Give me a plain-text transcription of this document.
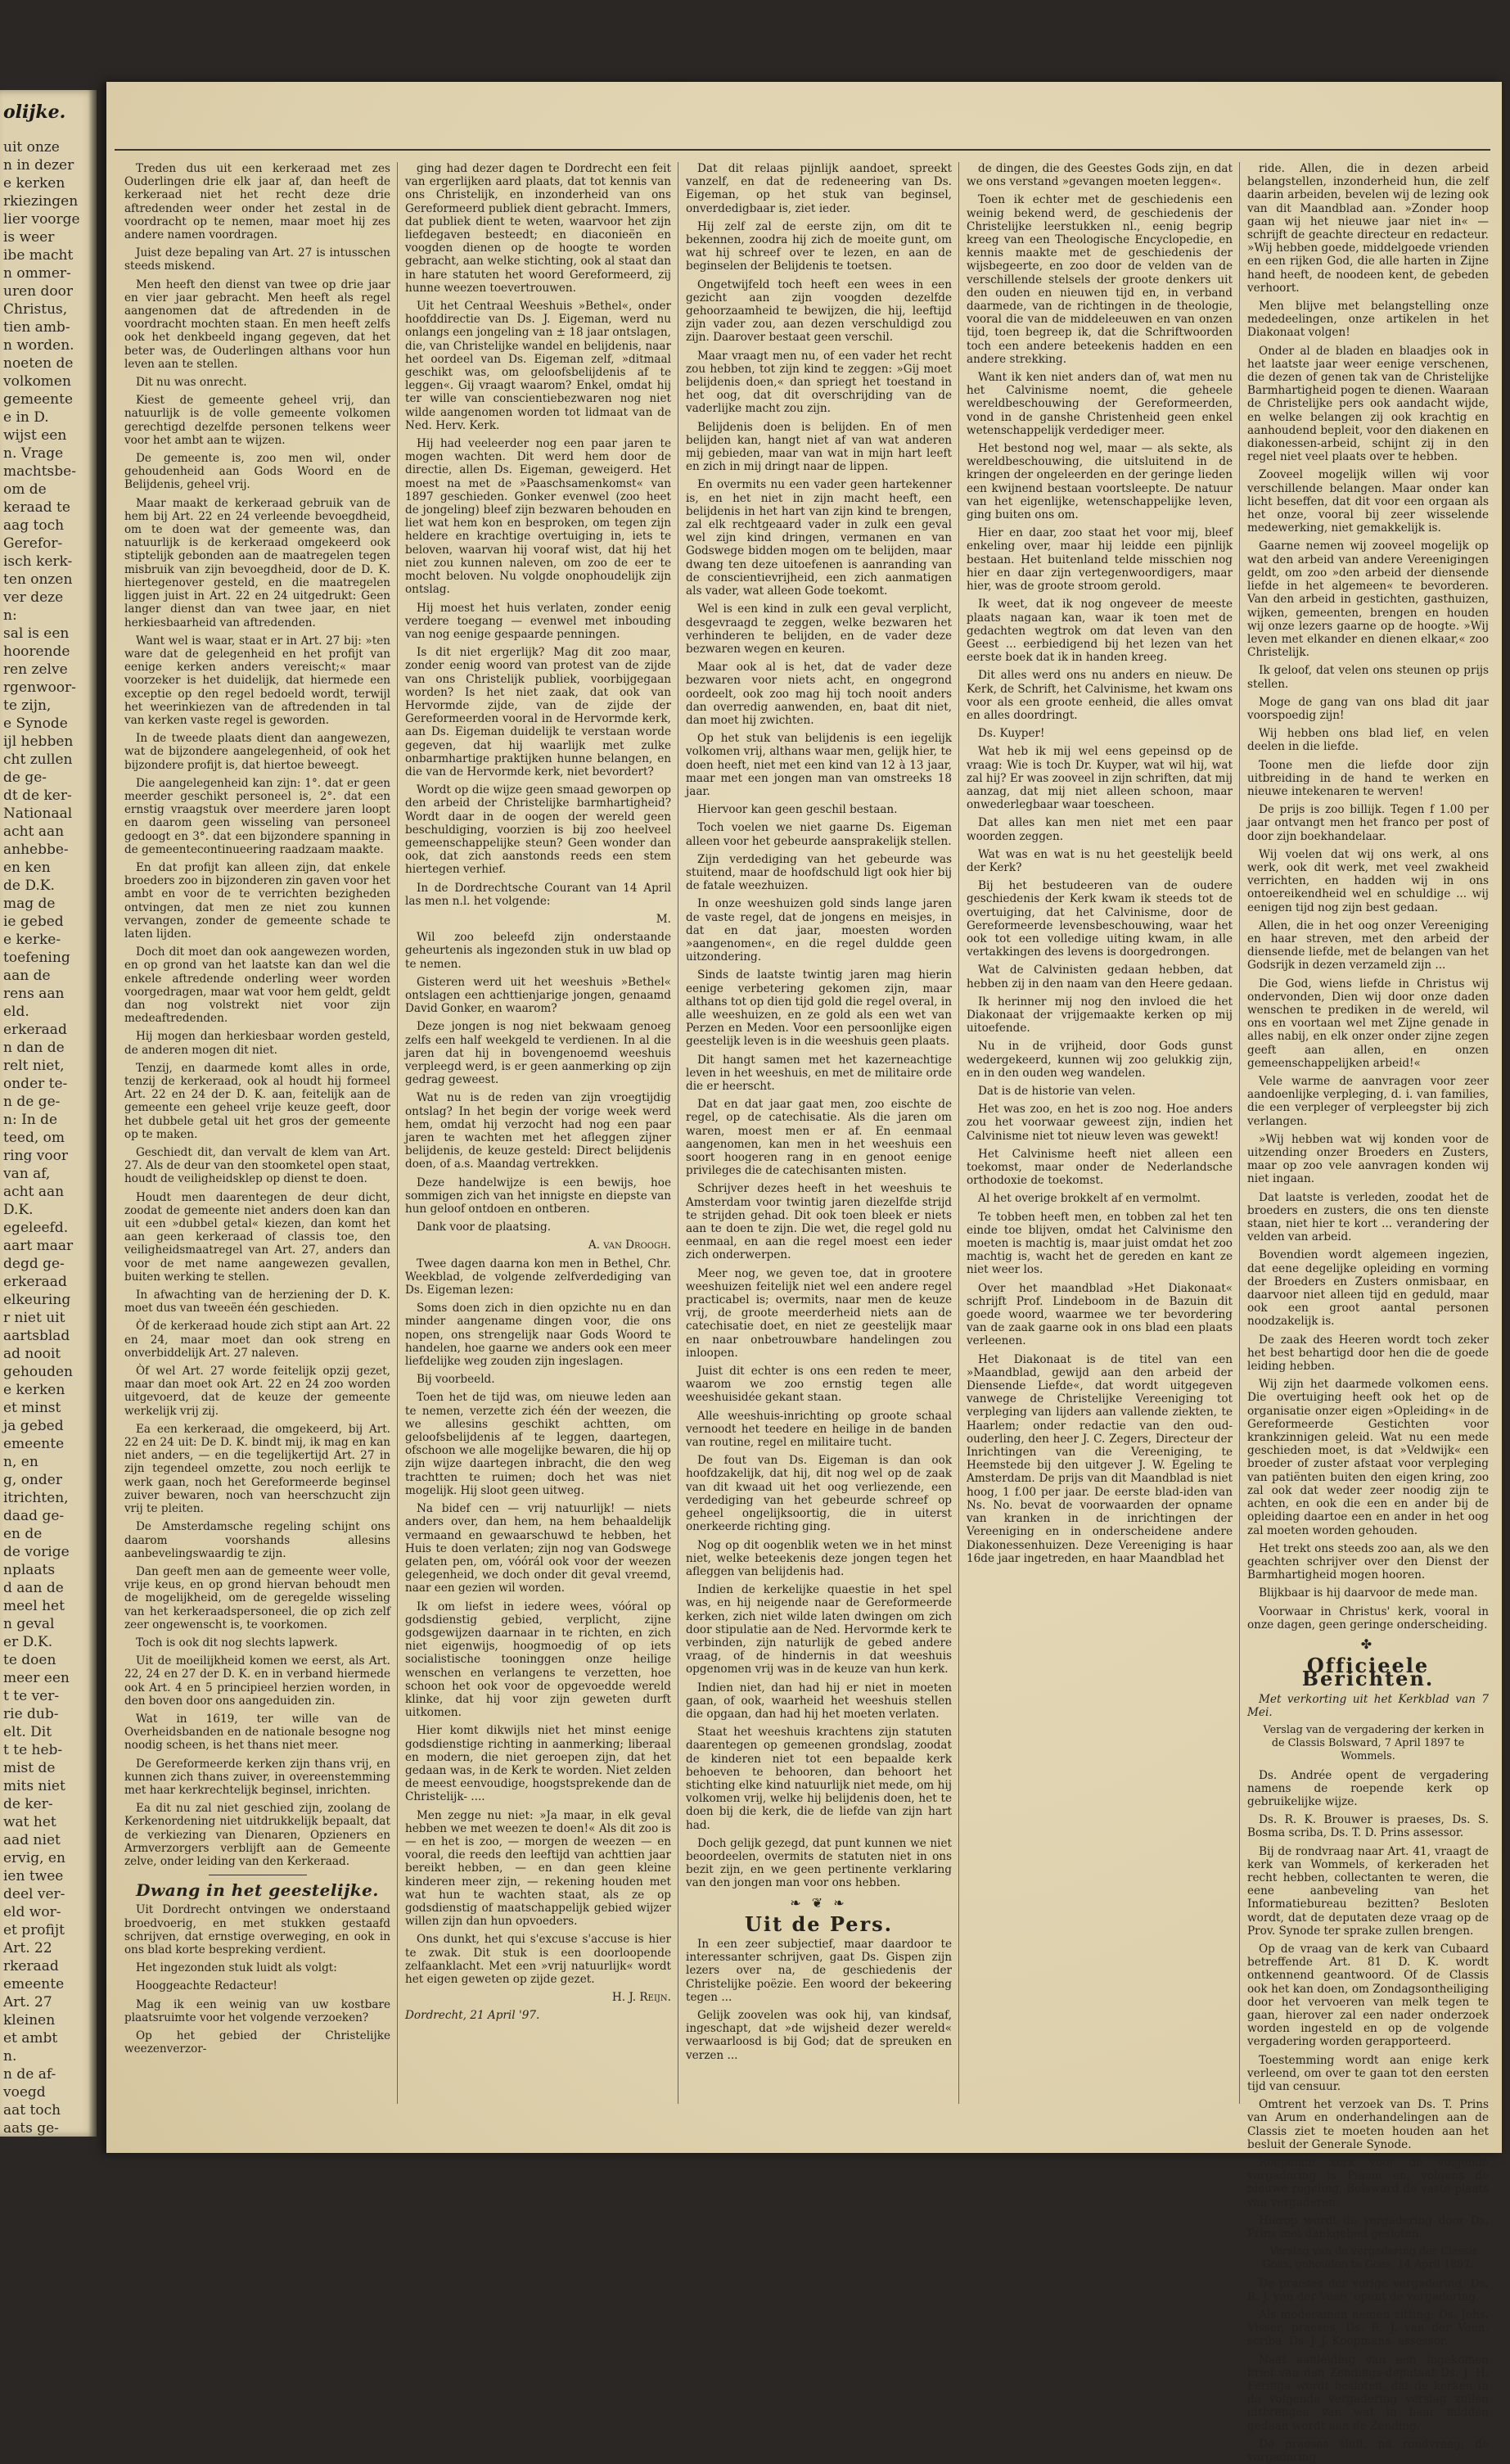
olijke.
uit onze
n in dezer
e kerken
rkiezingen
lier voorge
is weer
ibe macht
n ommer-
uren door
Christus,
tien amb-
n worden.
noeten de
volkomen
gemeente
e in D.
wijst een
n. Vrage
machtsbe-
om de
keraad te
aag toch
Gerefor-
isch kerk-
ten onzen
ver deze
n:
sal is een
hoorende
ren zelve
rgenwoor-
te zijn,
e Synode
ijl hebben
cht zullen
de ge-
dt de ker-
Nationaal
acht aan
anhebbe-
en ken
de D.K.
mag de
ie gebed
e kerke-
toefening
aan de
rens aan
eld.
erkeraad
n dan de
relt niet,
onder te-
n de ge-
n: In de
teed, om
ring voor
van af,
acht aan
D.K.
egeleefd.
aart maar
degd ge-
erkeraad
elkeuring
r niet uit
aartsblad
ad nooit
gehouden
e kerken
et minst
ja gebed
emeente
n, en
g, onder
itrichten,
daad ge-
en de
de vorige
nplaats
d aan de
meel het
n geval
er D.K.
te doen
meer een
t te ver-
rie dub-
elt. Dit
t te heb-
mist de
mits niet
de ker-
wat het
aad niet
ervig, en
ien twee
deel ver-
eld wor-
et profijt
Art. 22
rkeraad
emeente
Art. 27
kleinen
et ambt
n.
n de af-
voegd
aat toch
aats ge-

Treden dus uit een kerkeraad met zes Ouderlingen drie elk jaar af, dan heeft de kerkeraad niet het recht deze drie aftredenden weer onder het zestal in de voordracht op te nemen, maar moet hij zes andere namen voordragen.

Juist deze bepaling van Art. 27 is intusschen steeds miskend.

Men heeft den dienst van twee op drie jaar en vier jaar gebracht. Men heeft als regel aangenomen dat de aftredenden in de voordracht mochten staan. En men heeft zelfs ook het denkbeeld ingang gegeven, dat het beter was, de Ouderlingen althans voor hun leven aan te stellen.

Dit nu was onrecht.

Kiest de gemeente geheel vrij, dan natuurlijk is de volle gemeente volkomen gerechtigd dezelfde personen telkens weer voor het ambt aan te wijzen.

De gemeente is, zoo men wil, onder gehoudenheid aan Gods Woord en de Belijdenis, geheel vrij.

Maar maakt de kerkeraad gebruik van de hem bij Art. 22 en 24 verleende bevoegdheid, om te doen wat der gemeente was, dan natuurlijk is de kerkeraad omgekeerd ook stiptelijk gebonden aan de maatregelen tegen misbruik van zijn bevoegdheid, door de D. K. hiertegenover gesteld, en die maatregelen liggen juist in Art. 22 en 24 uitgedrukt: Geen langer dienst dan van twee jaar, en niet herkiesbaarheid van aftredenden.

Want wel is waar, staat er in Art. 27 bij: »ten ware dat de gelegenheid en het profijt van eenige kerken anders vereischt;« maar voorzeker is het duidelijk, dat hiermede een exceptie op den regel bedoeld wordt, terwijl het weerinkiezen van de aftredenden in tal van kerken vaste regel is geworden.

In de tweede plaats dient dan aangewezen, wat de bijzondere aangelegenheid, of ook het bijzondere profijt is, dat hiertoe beweegt.

Die aangelegenheid kan zijn: 1°. dat er geen meerder geschikt personeel is, 2°. dat een ernstig vraagstuk over meerdere jaren loopt en daarom geen wisseling van personeel gedoogt en 3°. dat een bijzondere spanning in de gemeentecontinueering raadzaam maakte.

En dat profijt kan alleen zijn, dat enkele broeders zoo in bijzonderen zin gaven voor het ambt en voor de te verrichten bezigheden ontvingen, dat men ze niet zou kunnen vervangen, zonder de gemeente schade te laten lijden.

Doch dit moet dan ook aangewezen worden, en op grond van het laatste kan dan wel die enkele aftredende onderling weer worden voorgedragen, maar wat voor hem geldt, geldt dan nog volstrekt niet voor zijn medeaftredenden.

Hij mogen dan herkiesbaar worden gesteld, de anderen mogen dit niet.

Tenzij, en daarmede komt alles in orde, tenzij de kerkeraad, ook al houdt hij formeel Art. 22 en 24 der D. K. aan, feitelijk aan de gemeente een geheel vrije keuze geeft, door het dubbele getal uit het gros der gemeente op te maken.

Geschiedt dit, dan vervalt de klem van Art. 27. Als de deur van den stoomketel open staat, houdt de veiligheidsklep op dienst te doen.

Houdt men daarentegen de deur dicht, zoodat de gemeente niet anders doen kan dan uit een »dubbel getal« kiezen, dan komt het aan geen kerkeraad of classis toe, den veiligheidsmaatregel van Art. 27, anders dan voor de met name aangewezen gevallen, buiten werking te stellen.

In afwachting van de herziening der D. K. moet dus van tweeën één geschieden.

Òf de kerkeraad houde zich stipt aan Art. 22 en 24, maar moet dan ook streng en onverbiddelijk Art. 27 naleven.

Òf wel Art. 27 worde feitelijk opzij gezet, maar dan moet ook Art. 22 en 24 zoo worden uitgevoerd, dat de keuze der gemeente werkelijk vrij zij.

Ea een kerkeraad, die omgekeerd, bij Art. 22 en 24 uit: De D. K. bindt mij, ik mag en kan niet anders, — en die tegelijkertijd Art. 27 in zijn tegendeel omzette, zou noch eerlijk te werk gaan, noch het Gereformeerde beginsel zuiver bewaren, noch van heerschzucht zijn vrij te pleiten.

De Amsterdamsche regeling schijnt ons daarom voorshands allesins aanbevelingswaardig te zijn.

Dan geeft men aan de gemeente weer volle, vrije keus, en op grond hiervan behoudt men de mogelijkheid, om de geregelde wisseling van het kerkeraadspersoneel, die op zich zelf zeer ongewenscht is, te voorkomen.

Toch is ook dit nog slechts lapwerk.

Uit de moeilijkheid komen we eerst, als Art. 22, 24 en 27 der D. K. en in verband hiermede ook Art. 4 en 5 principieel herzien worden, in den boven door ons aangeduiden zin.

Wat in 1619, ter wille van de Overheidsbanden en de nationale besogne nog noodig scheen, is het thans niet meer.

De Gereformeerde kerken zijn thans vrij, en kunnen zich thans zuiver, in overeenstemming met haar kerkrechtelijk beginsel, inrichten.

Ea dit nu zal niet geschied zijn, zoolang de Kerkenordening niet uitdrukkelijk bepaalt, dat de verkiezing van Dienaren, Opzieners en Armverzorgers verblijft aan de Gemeente zelve, onder leiding van den Kerkeraad.

Dwang in het geestelijke.

Uit Dordrecht ontvingen we onderstaand broedvoerig, en met stukken gestaafd schrijven, dat ernstige overweging, en ook in ons blad korte bespreking verdient.

Het ingezonden stuk luidt als volgt:

Hooggeachte Redacteur!

Mag ik een weinig van uw kostbare plaatsruimte voor het volgende verzoeken?

Op het gebied der Christelijke weezenverzor-

ging had dezer dagen te Dordrecht een feit van ergerlijken aard plaats, dat tot kennis van ons Christelijk, en inzonderheid van ons Gereformeerd publiek dient gebracht. Immers, dat publiek dient te weten, waarvoor het zijn liefdegaven besteedt; en diaconieën en voogden dienen op de hoogte te worden gebracht, aan welke stichting, ook al staat dan in hare statuten het woord Gereformeerd, zij hunne weezen toevertrouwen.

Uit het Centraal Weeshuis »Bethel«, onder hoofddirectie van Ds. J. Eigeman, werd nu onlangs een jongeling van ± 18 jaar ontslagen, die, van Christelijke wandel en belijdenis, naar het oordeel van Ds. Eigeman zelf, »ditmaal geschikt was, om geloofsbelijdenis af te leggen«. Gij vraagt waarom? Enkel, omdat hij ter wille van conscientiebezwaren nog niet wilde aangenomen worden tot lidmaat van de Ned. Herv. Kerk.

Hij had veeleerder nog een paar jaren te mogen wachten. Dit werd hem door de directie, allen Ds. Eigeman, geweigerd. Het moest na met de »Paaschsamenkomst« van 1897 geschieden. Gonker evenwel (zoo heet de jongeling) bleef zijn bezwaren behouden en liet wat hem kon en besproken, om tegen zijn heldere en krachtige overtuiging in, iets te beloven, waarvan hij vooraf wist, dat hij het niet zou kunnen naleven, om zoo de eer te mocht beloven. Nu volgde onophoudelijk zijn ontslag.

Hij moest het huis verlaten, zonder eenig verdere toegang — evenwel met inbouding van nog eenige gespaarde penningen.

Is dit niet ergerlijk? Mag dit zoo maar, zonder eenig woord van protest van de zijde van ons Christelijk publiek, voorbijgegaan worden? Is het niet zaak, dat ook van Hervormde zijde, van de zijde der Gereformeerden vooral in de Hervormde kerk, aan Ds. Eigeman duidelijk te verstaan worde gegeven, dat hij waarlijk met zulke onbarmhartige praktijken hunne belangen, en die van de Hervormde kerk, niet bevordert?

Wordt op die wijze geen smaad geworpen op den arbeid der Christelijke barmhartigheid? Wordt daar in de oogen der wereld geen beschuldiging, voorzien is bij zoo heelveel gemeenschappelijke steun? Geen wonder dan ook, dat zich aanstonds reeds een stem hiertegen verhief.

In de Dordrechtsche Courant van 14 April las men n.l. het volgende:

M.

Wil zoo beleefd zijn onderstaande geheurtenis als ingezonden stuk in uw blad op te nemen.

Gisteren werd uit het weeshuis »Bethel« ontslagen een achttienjarige jongen, genaamd David Gonker, en waarom?

Deze jongen is nog niet bekwaam genoeg zelfs een half weekgeld te verdienen. In al die jaren dat hij in bovengenoemd weeshuis verpleegd werd, is er geen aanmerking op zijn gedrag geweest.

Wat nu is de reden van zijn vroegtijdig ontslag? In het begin der vorige week werd hem, omdat hij verzocht had nog een paar jaren te wachten met het afleggen zijner belijdenis, de keuze gesteld: Direct belijdenis doen, of a.s. Maandag vertrekken.

Deze handelwijze is een bewijs, hoe sommigen zich van het innigste en diepste van hun geloof ontdoen en ontberen.

Dank voor de plaatsing.

A. van Droogh.

Twee dagen daarna kon men in Bethel, Chr. Weekblad, de volgende zelfverdediging van Ds. Eigeman lezen:

Soms doen zich in dien opzichte nu en dan minder aangename dingen voor, die ons nopen, ons strengelijk naar Gods Woord te handelen, hoe gaarne we anders ook een meer liefdelijke weg zouden zijn ingeslagen.

Bij voorbeeld.

Toen het de tijd was, om nieuwe leden aan te nemen, verzette zich één der weezen, die we allesins geschikt achtten, om geloofsbelijdenis af te leggen, daartegen, ofschoon we alle mogelijke bewaren, die hij op zijn wijze daartegen inbracht, die den weg trachtten te ruimen; doch het was niet mogelijk. Hij sloot geen uitweg.

Na bidef cen — vrij natuurlijk! — niets anders over, dan hem, na hem behaaldelijk vermaand en gewaarschuwd te hebben, het Huis te doen verlaten; zijn nog van Godswege gelaten pen, om, vóórál ook voor der weezen gelegenheid, we doch onder dit geval vreemd, naar een gezien wil worden.

Ik om liefst in iedere wees, vóóral op godsdienstig gebied, verplicht, zijne godsgewijzen daarnaar in te richten, en zich niet eigenwijs, hoogmoedig of op iets socialistische tooninggen onze heilige wenschen en verlangens te verzetten, hoe schoon het ook voor de opgevoedde wereld klinke, dat hij voor zijn geweten durft uitkomen.

Hier komt dikwijls niet het minst eenige godsdienstige richting in aanmerking; liberaal en modern, die niet geroepen zijn, dat het gedaan was, in de Kerk te worden. Niet zelden de meest eenvoudige, hoogstsprekende dan de Christelijk- ....

Men zegge nu niet: »Ja maar, in elk geval hebben we met weezen te doen!« Als dit zoo is — en het is zoo, — morgen de weezen — en vooral, die reeds den leeftijd van achttien jaar bereikt hebben, — en dan geen kleine kinderen meer zijn, — rekening houden met wat hun te wachten staat, als ze op godsdienstig of maatschappelijk gebied wijzer willen zijn dan hun opvoeders.

Ons dunkt, het qui s'excuse s'accuse is hier te zwak. Dit stuk is een doorloopende zelfaanklacht. Met een »vrij natuurlijk« wordt het eigen geweten op zijde gezet.

H. J. Reijn.
Dordrecht, 21 April '97.

Dat dit relaas pijnlijk aandoet, spreekt vanzelf, en dat de redeneering van Ds. Eigeman, op het stuk van beginsel, onverdedigbaar is, ziet ieder.

Hij zelf zal de eerste zijn, om dit te bekennen, zoodra hij zich de moeite gunt, om wat hij schreef over te lezen, en aan de beginselen der Belijdenis te toetsen.

Ongetwijfeld toch heeft een wees in een gezicht aan zijn voogden dezelfde gehoorzaamheid te bewijzen, die hij, leeftijd zijn vader zou, aan dezen verschuldigd zou zijn. Daarover bestaat geen verschil.

Maar vraagt men nu, of een vader het recht zou hebben, tot zijn kind te zeggen: »Gij moet belijdenis doen,« dan spriegt het toestand in het oog, dat dit overschrijding van de vaderlijke macht zou zijn.

Belijdenis doen is belijden. En of men belijden kan, hangt niet af van wat anderen mij gebieden, maar van wat in mijn hart leeft en zich in mij dringt naar de lippen.

En overmits nu een vader geen hartekenner is, en het niet in zijn macht heeft, een belijdenis in het hart van zijn kind te brengen, zal elk rechtgeaard vader in zulk een geval wel zijn kind dringen, vermanen en van Godswege bidden mogen om te belijden, maar dwang ten deze uitoefenen is aanranding van de conscientievrijheid, een zich aanmatigen als vader, wat alleen Gode toekomt.

Wel is een kind in zulk een geval verplicht, desgevraagd te zeggen, welke bezwaren het verhinderen te belijden, en de vader deze bezwaren wegen en keuren.

Maar ook al is het, dat de vader deze bezwaren voor niets acht, en ongegrond oordeelt, ook zoo mag hij toch nooit anders dan overredig aanwenden, en, baat dit niet, dan moet hij zwichten.

Op het stuk van belijdenis is een iegelijk volkomen vrij, althans waar men, gelijk hier, te doen heeft, niet met een kind van 12 à 13 jaar, maar met een jongen man van omstreeks 18 jaar.

Hiervoor kan geen geschil bestaan.

Toch voelen we niet gaarne Ds. Eigeman alleen voor het gebeurde aansprakelijk stellen.

Zijn verdediging van het gebeurde was stuitend, maar de hoofdschuld ligt ook hier bij de fatale weezhuizen.

In onze weeshuizen gold sinds lange jaren de vaste regel, dat de jongens en meisjes, in dat en dat jaar, moesten worden »aangenomen«, en die regel duldde geen uitzondering.

Sinds de laatste twintig jaren mag hierin eenige verbetering gekomen zijn, maar althans tot op dien tijd gold die regel overal, in alle weeshuizen, en ze gold als een wet van Perzen en Meden. Voor een persoonlijke eigen geestelijk leven is in die weeshuis geen plaats.

Dit hangt samen met het kazerneachtige leven in het weeshuis, en met de militaire orde die er heerscht.

Dat en dat jaar gaat men, zoo eischte de regel, op de catechisatie. Als die jaren om waren, moest men er af. En eenmaal aangenomen, kan men in het weeshuis een soort hoogeren rang in en genoot eenige privileges die de catechisanten misten.

Schrijver dezes heeft in het weeshuis te Amsterdam voor twintig jaren diezelfde strijd te strijden gehad. Dit ook toen bleek er niets aan te doen te zijn. Die wet, die regel gold nu eenmaal, en aan die regel moest een ieder zich onderwerpen.

Meer nog, we geven toe, dat in grootere weeshuizen feitelijk niet wel een andere regel practicabel is; overmits, naar men de keuze vrij, de groote meerderheid niets aan de catechisatie doet, en niet ze geestelijk maar en naar onbetrouwbare handelingen zou inloopen.

Juist dit echter is ons een reden te meer, waarom we zoo ernstig tegen alle weeshuisidée gekant staan.

Alle weeshuis-inrichting op groote schaal vernoodt het teedere en heilige in de banden van routine, regel en militaire tucht.

De fout van Ds. Eigeman is dan ook hoofdzakelijk, dat hij, dit nog wel op de zaak van dit kwaad uit het oog verliezende, een verdediging van het gebeurde schreef op geheel ongelijksoortig, die in uiterst onerkeerde richting ging.

Nog op dit oogenblik weten we in het minst niet, welke beteekenis deze jongen tegen het afleggen van belijdenis had.

Indien de kerkelijke quaestie in het spel was, en hij neigende naar de Gereformeerde kerken, zich niet wilde laten dwingen om zich door stipulatie aan de Ned. Hervormde kerk te verbinden, zijn naturlijk de gebed andere vraag, of de hindernis in dat weeshuis opgenomen vrij was in de keuze van hun kerk.

Indien niet, dan had hij er niet in moeten gaan, of ook, waarheid het weeshuis stellen die opgaan, dan had hij het moeten verlaten.

Staat het weeshuis krachtens zijn statuten daarentegen op gemeenen grondslag, zoodat de kinderen niet tot een bepaalde kerk behoeven te behooren, dan behoort het stichting elke kind natuurlijk niet mede, om hij volkomen vrij, welke hij belijdenis doen, het te doen bij die kerk, die de liefde van zijn hart had.

Doch gelijk gezegd, dat punt kunnen we niet beoordeelen, overmits de statuten niet in ons bezit zijn, en we geen pertinente verklaring van den jongen man voor ons hebben.

❧ ❦ ❧
Uit de Pers.

In een zeer subjectief, maar daardoor te interessanter schrijven, gaat Ds. Gispen zijn lezers over na, de geschiedenis der Christelijke poëzie. Een woord der bekeering tegen ...

Gelijk zoovelen was ook hij, van kindsaf, ingeschapt, dat »de wijsheid dezer wereld« verwaarloosd is bij God; dat de spreuken en verzen ...

de dingen, die des Geestes Gods zijn, en dat we ons verstand »gevangen moeten leggen«.

Toen ik echter met de geschiedenis een weinig bekend werd, de geschiedenis der Christelijke leerstukken nl., eenig begrip kreeg van een Theologische Encyclopedie, en kennis maakte met de geschiedenis der wijsbegeerte, en zoo door de velden van de verschillende stelsels der groote denkers uit den ouden en nieuwen tijd en, in verband daarmede, van de richtingen in de theologie, vooral die van de middeleeuwen en van onzen tijd, toen begreep ik, dat die Schriftwoorden toch een andere beteekenis hadden en een andere strekking.

Want ik ken niet anders dan of, wat men nu het Calvinisme noemt, die geheele wereldbeschouwing der Gereformeerden, vond in de ganshe Christenheid geen enkel wetenschappelijk verdediger meer.

Het bestond nog wel, maar — als sekte, als wereldbeschouwing, die uitsluitend in de kringen der ongeleerden en der geringe lieden een kwijnend bestaan voortsleepte. De natuur van het eigenlijke, wetenschappelijke leven, ging buiten ons om.

Hier en daar, zoo staat het voor mij, bleef enkeling over, maar hij leidde een pijnlijk bestaan. Het buitenland telde misschien nog hier en daar zijn vertegenwoordigers, maar hier, was de groote stroom gerold.

Ik weet, dat ik nog ongeveer de meeste plaats nagaan kan, waar ik toen met de gedachten wegtrok om dat leven van den Geest ... eerbiedigend bij het lezen van het eerste boek dat ik in handen kreeg.

Dit alles werd ons nu anders en nieuw. De Kerk, de Schrift, het Calvinisme, het kwam ons voor als een groote eenheid, die alles omvat en alles doordringt.

Ds. Kuyper!

Wat heb ik mij wel eens gepeinsd op de vraag: Wie is toch Dr. Kuyper, wat wil hij, wat zal hij? Er was zooveel in zijn schriften, dat mij aanzag, dat mij niet alleen schoon, maar onwederlegbaar waar toescheen.

Dat alles kan men niet met een paar woorden zeggen.

Wat was en wat is nu het geestelijk beeld der Kerk?

Bij het bestudeeren van de oudere geschiedenis der Kerk kwam ik steeds tot de overtuiging, dat het Calvinisme, door de Gereformeerde levensbeschouwing, waar het ook tot een volledige uiting kwam, in alle vertakkingen des levens is doorgedrongen.

Wat de Calvinisten gedaan hebben, dat hebben zij in den naam van den Heere gedaan.

Ik herinner mij nog den invloed die het Diakonaat der vrijgemaakte kerken op mij uitoefende.

Nu in de vrijheid, door Gods gunst wedergekeerd, kunnen wij zoo gelukkig zijn, en in den ouden weg wandelen.

Dat is de historie van velen.

Het was zoo, en het is zoo nog. Hoe anders zou het voorwaar geweest zijn, indien het Calvinisme niet tot nieuw leven was gewekt!

Het Calvinisme heeft niet alleen een toekomst, maar onder de Nederlandsche orthodoxie de toekomst.

Al het overige brokkelt af en vermolmt.

Te tobben heeft men, en tobben zal het ten einde toe blijven, omdat het Calvinisme den moeten is machtig is, maar juist omdat het zoo machtig is, wacht het de gereden en kant ze niet weer los.

Over het maandblad »Het Diakonaat« schrijft Prof. Lindeboom in de Bazuin dit goede woord, waarmee we ter bevordering van de zaak gaarne ook in ons blad een plaats verleenen.

Het Diakonaat is de titel van een »Maandblad, gewijd aan den arbeid der Diensende Liefde«, dat wordt uitgegeven vanwege de Christelijke Vereeniging tot verpleging van lijders aan vallende ziekten, te Haarlem; onder redactie van den oud-ouderling, den heer J. C. Zegers, Directeur der Inrichtingen van die Vereeniging, te Heemstede bij den uitgever J. W. Egeling te Amsterdam. De prijs van dit Maandblad is niet hoog, 1 f.00 per jaar. De eerste blad-iden van Ns. No. bevat de voorwaarden der opname van kranken in de inrichtingen der Vereeniging en in onderscheidene andere Diakonessenhuizen. Deze Vereeniging is haar 16de jaar ingetreden, en haar Maandblad het

ride. Allen, die in dezen arbeid belangstellen, inzonderheid hun, die zelf daarin arbeiden, bevelen wij de lezing ook van dit Maandblad aan. »Zonder hoop gaan wij het nieuwe jaar niet in« — schrijft de geachte directeur en redacteur. »Wij hebben goede, middelgoede vrienden en een rijken God, die alle harten in Zijne hand heeft, de noodeen kent, de gebeden verhoort.

Men blijve met belangstelling onze mededeelingen, onze artikelen in het Diakonaat volgen!

Onder al de bladen en blaadjes ook in het laatste jaar weer eenige verschenen, die dezen of genen tak van de Christelijke Barmhartigheid pogen te dienen. Waaraan de Christelijke pers ook aandacht wijde, en welke belangen zij ook krachtig en aanhoudend bepleit, voor den diakenen en diakonessen-arbeid, schijnt zij in den regel niet veel plaats over te hebben.

Zooveel mogelijk willen wij voor verschillende belangen. Maar onder kan licht beseffen, dat dit voor een orgaan als het onze, vooral bij zeer wisselende medewerking, niet gemakkelijk is.

Gaarne nemen wij zooveel mogelijk op wat den arbeid van andere Vereenigingen geldt, om zoo »den arbeid der diensende liefde in het algemeen« te bevorderen. Van den arbeid in gestichten, gasthuizen, wijken, gemeenten, brengen en houden wij onze lezers gaarne op de hoogte. »Wij leven met elkander en dienen elkaar,« zoo Christelijk.

Ik geloof, dat velen ons steunen op prijs stellen.

Moge de gang van ons blad dit jaar voorspoedig zijn!

Wij hebben ons blad lief, en velen deelen in die liefde.

Toone men die liefde door zijn uitbreiding in de hand te werken en nieuwe intekenaren te werven!

De prijs is zoo billijk. Tegen f 1.00 per jaar ontvangt men het franco per post of door zijn boekhandelaar.

Wij voelen dat wij ons werk, al ons werk, ook dit werk, met veel zwakheid verrichten, en hadden wij in ons ontoereikendheid wel en schuldige ... wij eenigen tijd nog zijn best gedaan.

Allen, die in het oog onzer Vereeniging en haar streven, met den arbeid der diensende liefde, met de belangen van het Godsrijk in dezen verzameld zijn ...

Die God, wiens liefde in Christus wij ondervonden, Dien wij door onze daden wenschen te prediken in de wereld, wil ons en voortaan wel met Zijne genade in alles nabij, en elk onzer onder zijne zegen geeft aan allen, en onzen gemeenschappelijken arbeid!«

Vele warme de aanvragen voor zeer aandoenlijke verpleging, d. i. van families, die een verpleger of verpleegster bij zich verlangen.

»Wij hebben wat wij konden voor de uitzending onzer Broeders en Zusters, maar op zoo vele aanvragen konden wij niet ingaan.

Dat laatste is verleden, zoodat het de broeders en zusters, die ons ten dienste staan, niet hier te kort ... verandering der velden van arbeid.

Bovendien wordt algemeen ingezien, dat eene degelijke opleiding en vorming der Broeders en Zusters onmisbaar, en daarvoor niet alleen tijd en geduld, maar ook een groot aantal personen noodzakelijk is.

De zaak des Heeren wordt toch zeker het best behartigd door hen die de goede leiding hebben.

Wij zijn het daarmede volkomen eens. Die overtuiging heeft ook het op de organisatie onzer eigen »Opleiding« in de Gereformeerde Gestichten voor krankzinnigen geleid. Wat nu een mede geschieden moet, is dat »Veldwijk« een broeder of zuster afstaat voor verpleging van patiënten buiten den eigen kring, zoo zal ook dat weder zeer noodig zijn te achten, en ook die een en ander bij de opleiding daartoe een en ander in het oog zal moeten worden gehouden.

Het trekt ons steeds zoo aan, als we den geachten schrijver over den Dienst der Barmhartigheid mogen hooren.

Blijkbaar is hij daarvoor de mede man.

Voorwaar in Christus' kerk, vooral in onze dagen, geen geringe onderscheiding.

✤
Officieele Berichten.

Met verkorting uit het Kerkblad van 7 Mei.

Verslag van de vergadering der kerken in de Classis Bolsward, 7 April 1897 te Wommels.

Ds. Andrée opent de vergadering namens de roepende kerk op gebruikelijke wijze.

Ds. R. K. Brouwer is praeses, Ds. S. Bosma scriba, Ds. T. D. Prins assessor.

Bij de rondvraag naar Art. 41, vraagt de kerk van Wommels, of kerkeraden het recht hebben, collectanten te weren, die eene aanbeveling van het Informatiebureau bezitten? Besloten wordt, dat de deputaten deze vraag op de Prov. Synode ter sprake zullen brengen.

Op de vraag van de kerk van Cubaard betreffende Art. 81 D. K. wordt ontkennend geantwoord. Of de Classis ook het kan doen, om Zondagsontheiliging door het vervoeren van melk tegen te gaan, hierover zal een nader onderzoek worden ingesteld en op de volgende vergadering worden gerapporteerd.

Toestemming wordt aan enige kerk verleend, om over te gaan tot den eersten tijd van censuur.

Omtrent het verzoek van Ds. T. Prins van Arum en onderhandelingen aan de Classis ziet te moeten houden aan het besluit der Generale Synode.

Roepende kerk voor de volgende vergadering is Piaam en, volgens de nieuwe regeling, Bolsward de vaste plaats van vergaderen.

Hierop wordt de vergadering door Ds. Prins met dankgebed gesloten.

Verslag van de vergadering der Classis Goes, gehouden te Goes, 14 April 1897.

De praeses der vorige vergadering, Ds. R. J. van der Veen, opent de vergadering.

Als moderamen nemen zitting: Ds. Johs. Visser, praeses, Ds. R. J. van der Veen, scriba, Ds. J. J. Koopmans, assessor.

Naat aanleiding van een ingekomen brief van den Zendings-deputaat Ds. J. H. Feringa wordt besloten, dat de kerken in de volgende vergadering verslag zullen uitbrengen van wat in haar midden gedaan wordt aan de Zending.

De praeses sluit, na rondvraag, de vergadering.
